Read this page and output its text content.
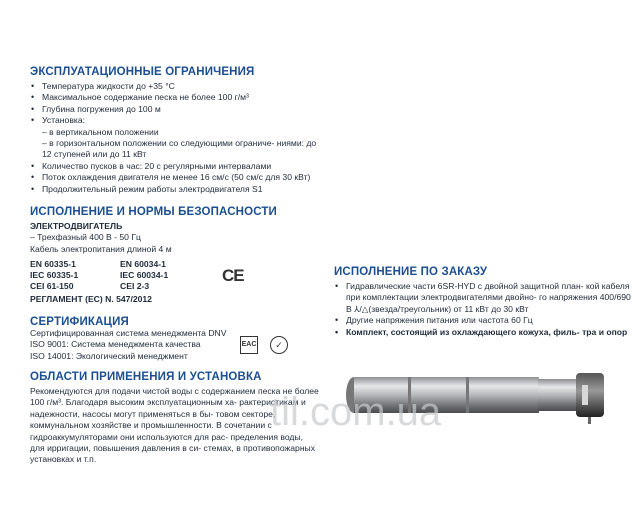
ЭКСПЛУАТАЦИОННЫЕ ОГРАНИЧЕНИЯ
• Температура жидкости до +35 °C
• Максимальное содержание песка не более 100 г/м³
• Глубина погружения до 100 м
• Установка:
– в вертикальном положении
– в горизонтальном положении со следующими ограниче- ниями: до 12 ступеней или до 11 кВт
• Количество пусков в час: 20 с регулярными интервалами
• Поток охлаждения двигателя не менее 16 см/с (50 см/с для 30 кВт)
• Продолжительный режим работы электродвигателя S1
ИСПОЛНЕНИЕ И НОРМЫ БЕЗОПАСНОСТИ

ЭЛЕКТРОДВИГАТЕЛЬ

– Трехфазный 400 В - 50 Гц

Кабель электропитания длиной 4 м

EN 60335-1
IEC 60335-1
CEI 61-150
EN 60034-1
IEC 60034-1
CEI 2-3
CE

РЕГЛАМЕНТ (ЕС) N. 547/2012

СЕРТИФИКАЦИЯ

Сертифицированная система менеджмента DNV

ISO 9001: Система менеджмента качества

ISO 14001: Экологический менеджмент

EAC	✓
ОБЛАСТИ ПРИМЕНЕНИЯ И УСТАНОВКА

Рекомендуются для подачи чистой воды с содержанием песка не более 100 г/м³. Благодаря высоким эксплуатационным ха- рактеристикам и надежности, насосы могут применяться в бы- товом секторе, коммунальном хозяйстве и промышленности. В сочетании с гидроаккумуляторами они используются для рас- пределения воды, для ирригации, повышения давления в си- стемах, в противопожарных установках и т.п.

ИСПОЛНЕНИЕ ПО ЗАКАЗУ
• Гидравлические части 6SR-HYD с двойной защитной план- кой кабеля при комплектации электродвигателями двойно- го напряжения 400/690 В ⅄/△(звезда/треугольник) от 11 кВт до 30 кВт
• Другие напряжения питания или частота 60 Гц
• Комплект, состоящий из охлаждающего кожуха, филь- тра и опор
til.com.ua
